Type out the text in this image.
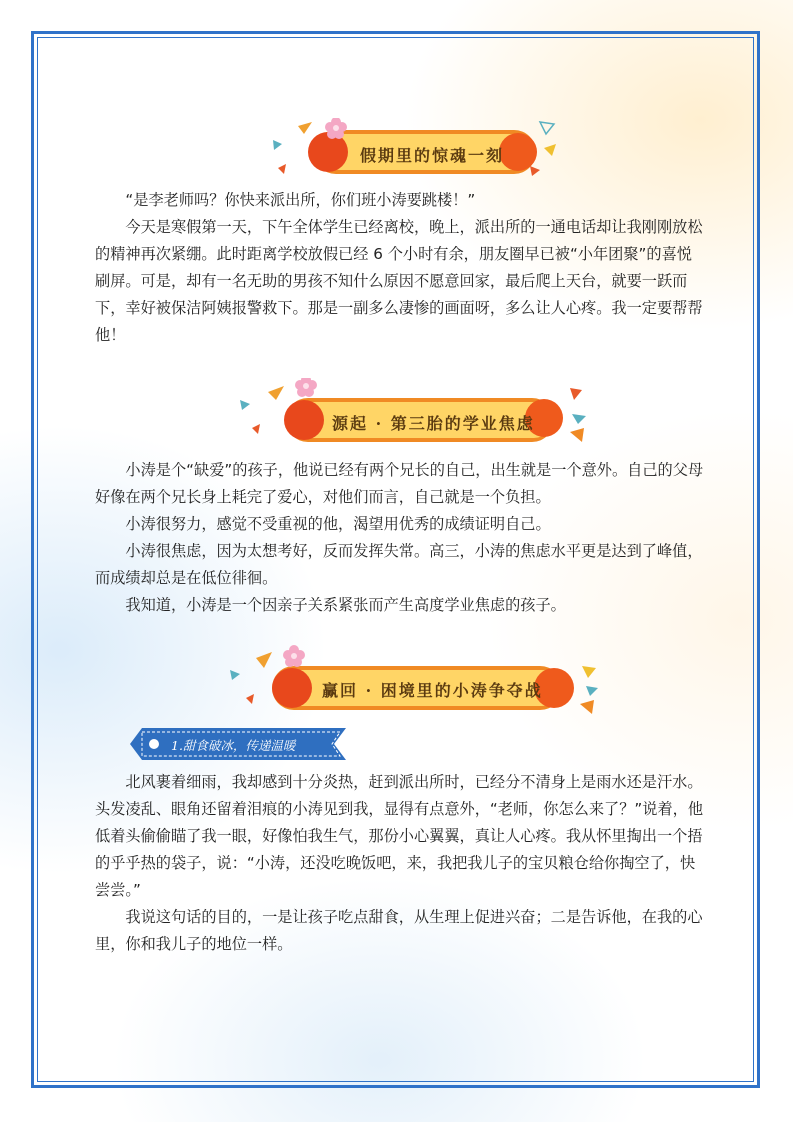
假期里的惊魂一刻

“是李老师吗？你快来派出所，你们班小涛要跳楼！”

今天是寒假第一天，下午全体学生已经离校，晚上，派出所的一通电话却让我刚刚放松的精神再次紧绷。此时距离学校放假已经 6 个小时有余，朋友圈早已被“小年团聚”的喜悦刷屏。可是，却有一名无助的男孩不知什么原因不愿意回家，最后爬上天台，就要一跃而下，幸好被保洁阿姨报警救下。那是一副多么凄惨的画面呀，多么让人心疼。我一定要帮帮他！

源起 · 第三胎的学业焦虑

小涛是个“缺爱”的孩子，他说已经有两个兄长的自己，出生就是一个意外。自己的父母好像在两个兄长身上耗完了爱心，对他们而言，自己就是一个负担。

小涛很努力，感觉不受重视的他，渴望用优秀的成绩证明自己。

小涛很焦虑，因为太想考好，反而发挥失常。高三，小涛的焦虑水平更是达到了峰值，而成绩却总是在低位徘徊。

我知道，小涛是一个因亲子关系紧张而产生高度学业焦虑的孩子。

赢回 · 困境里的小涛争夺战
1.甜食破冰，传递温暖

北风裹着细雨，我却感到十分炎热，赶到派出所时，已经分不清身上是雨水还是汗水。头发凌乱、眼角还留着泪痕的小涛见到我，显得有点意外，“老师，你怎么来了？”说着，他低着头偷偷瞄了我一眼，好像怕我生气，那份小心翼翼，真让人心疼。我从怀里掏出一个捂的乎乎热的袋子，说：“小涛，还没吃晚饭吧，来，我把我儿子的宝贝粮仓给你掏空了，快尝尝。”

我说这句话的目的，一是让孩子吃点甜食，从生理上促进兴奋；二是告诉他，在我的心里，你和我儿子的地位一样。
